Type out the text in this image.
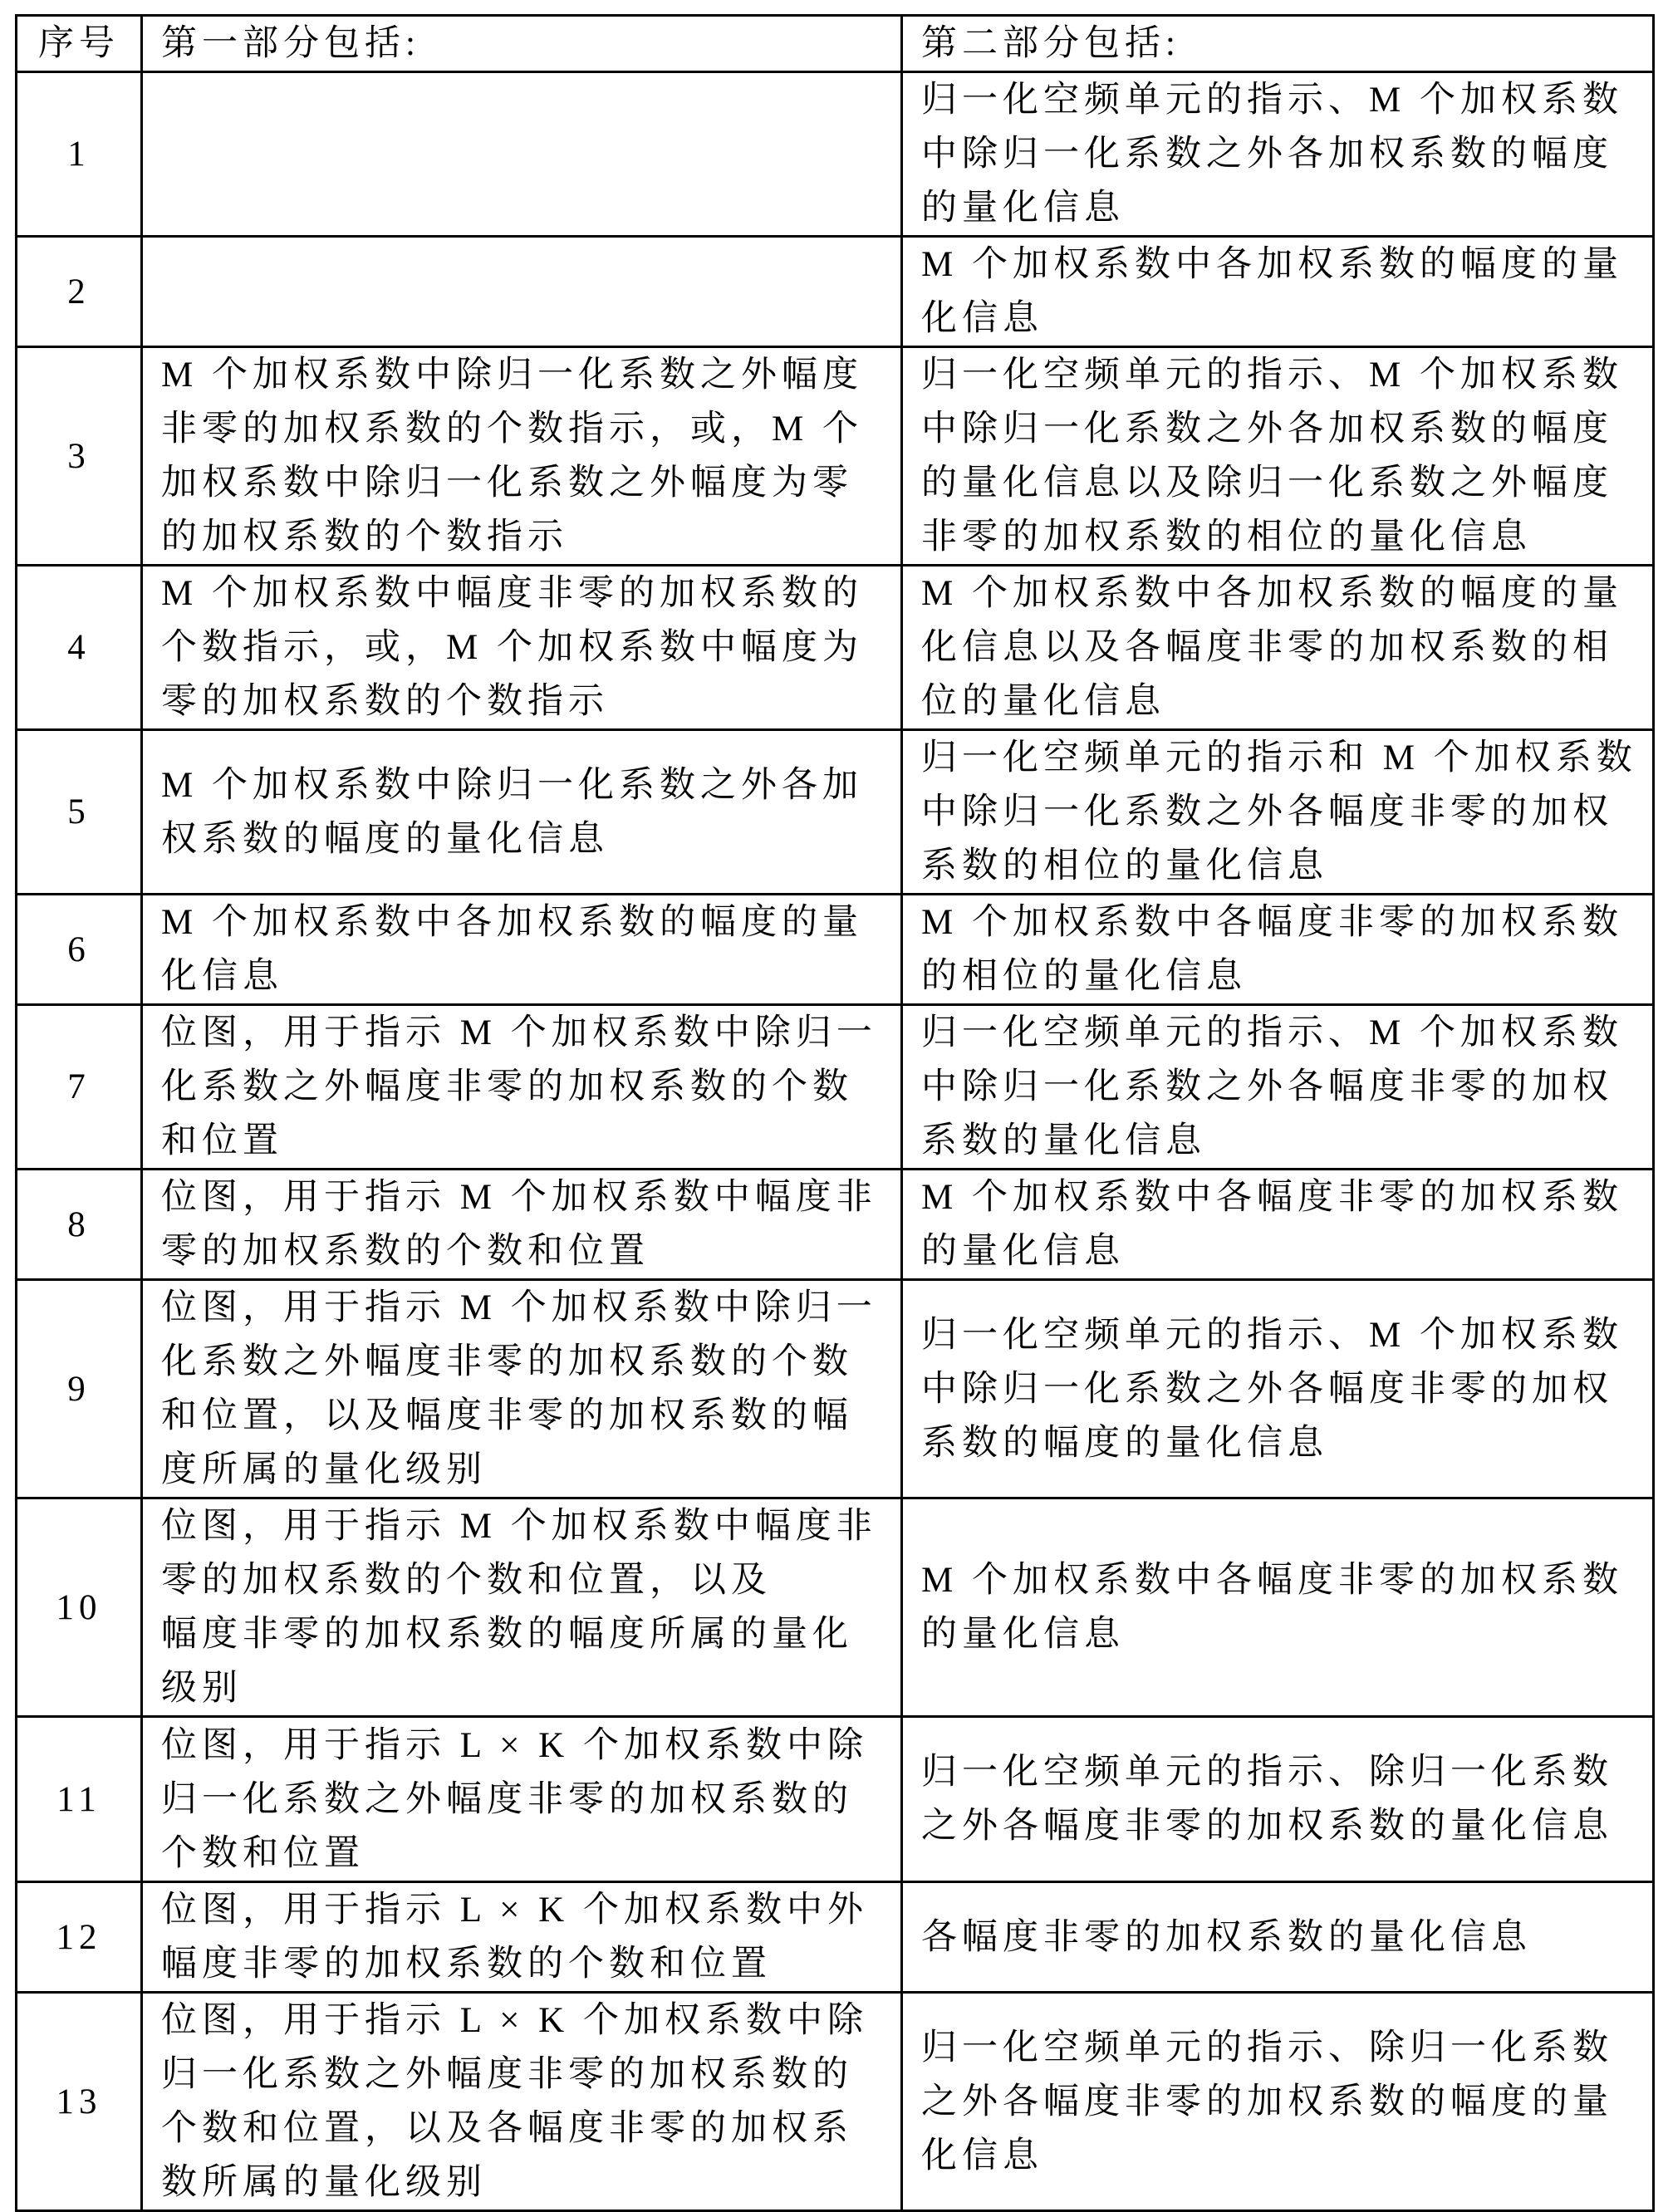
序号	第一部分包括:	第二部分包括:
1		归一化空频单元的指示、M 个加权系数
中除归一化系数之外各加权系数的幅度
的量化信息
2		M 个加权系数中各加权系数的幅度的量
化信息
3	M 个加权系数中除归一化系数之外幅度
非零的加权系数的个数指示，或，M 个
加权系数中除归一化系数之外幅度为零
的加权系数的个数指示	归一化空频单元的指示、M 个加权系数
中除归一化系数之外各加权系数的幅度
的量化信息以及除归一化系数之外幅度
非零的加权系数的相位的量化信息
4	M 个加权系数中幅度非零的加权系数的
个数指示，或，M 个加权系数中幅度为
零的加权系数的个数指示	M 个加权系数中各加权系数的幅度的量
化信息以及各幅度非零的加权系数的相
位的量化信息
5	M 个加权系数中除归一化系数之外各加
权系数的幅度的量化信息	归一化空频单元的指示和 M 个加权系数
中除归一化系数之外各幅度非零的加权
系数的相位的量化信息
6	M 个加权系数中各加权系数的幅度的量
化信息	M 个加权系数中各幅度非零的加权系数
的相位的量化信息
7	位图，用于指示 M 个加权系数中除归一
化系数之外幅度非零的加权系数的个数
和位置	归一化空频单元的指示、M 个加权系数
中除归一化系数之外各幅度非零的加权
系数的量化信息
8	位图，用于指示 M 个加权系数中幅度非
零的加权系数的个数和位置	M 个加权系数中各幅度非零的加权系数
的量化信息
9	位图，用于指示 M 个加权系数中除归一
化系数之外幅度非零的加权系数的个数
和位置，以及幅度非零的加权系数的幅
度所属的量化级别	归一化空频单元的指示、M 个加权系数
中除归一化系数之外各幅度非零的加权
系数的幅度的量化信息
10	位图，用于指示 M 个加权系数中幅度非
零的加权系数的个数和位置，以及
幅度非零的加权系数的幅度所属的量化
级别	M 个加权系数中各幅度非零的加权系数
的量化信息
11	位图，用于指示 L × K 个加权系数中除
归一化系数之外幅度非零的加权系数的
个数和位置	归一化空频单元的指示、除归一化系数
之外各幅度非零的加权系数的量化信息
12	位图，用于指示 L × K 个加权系数中外
幅度非零的加权系数的个数和位置	各幅度非零的加权系数的量化信息
13	位图，用于指示 L × K 个加权系数中除
归一化系数之外幅度非零的加权系数的
个数和位置，以及各幅度非零的加权系
数所属的量化级别	归一化空频单元的指示、除归一化系数
之外各幅度非零的加权系数的幅度的量
化信息
